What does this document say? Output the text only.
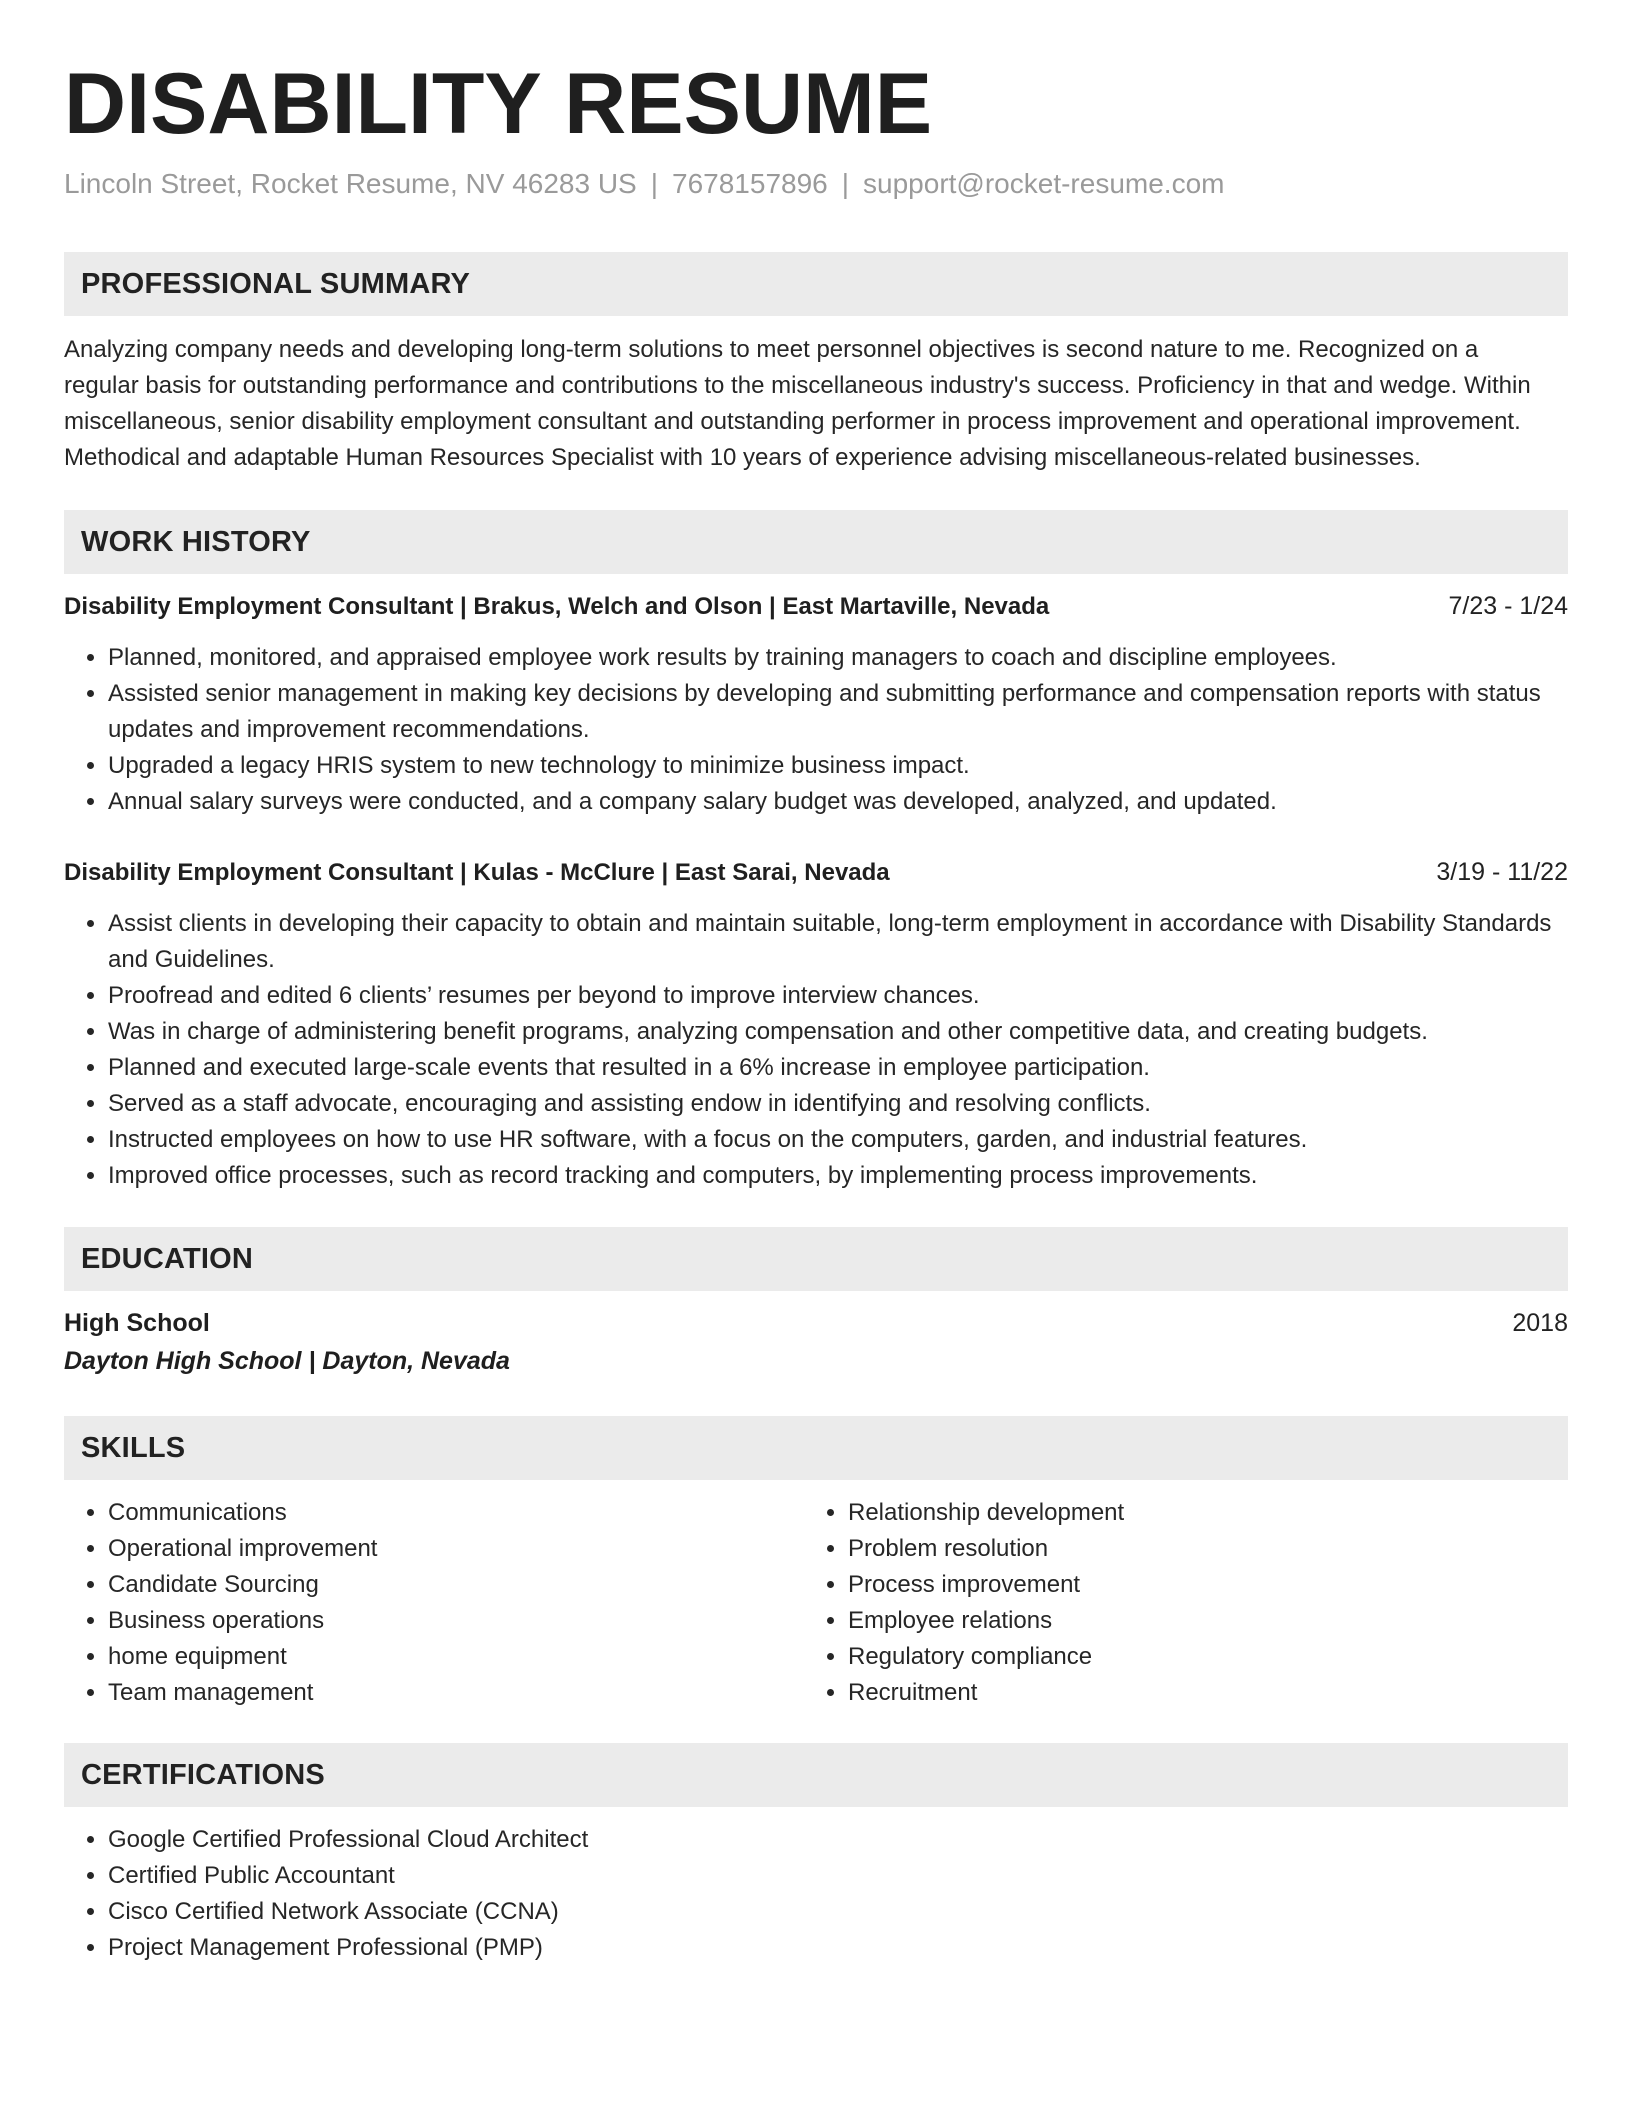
DISABILITY RESUME
Lincoln Street, Rocket Resume, NV 46283 US | 7678157896 | support@rocket-resume.com
PROFESSIONAL SUMMARY
Analyzing company needs and developing long-term solutions to meet personnel objectives is second nature to me. Recognized on a regular basis for outstanding performance and contributions to the miscellaneous industry's success. Proficiency in that and wedge. Within miscellaneous, senior disability employment consultant and outstanding performer in process improvement and operational improvement. Methodical and adaptable Human Resources Specialist with 10 years of experience advising miscellaneous-related businesses.
WORK HISTORY
Disability Employment Consultant | Brakus, Welch and Olson | East Martaville, Nevada	7/23 - 1/24
• Planned, monitored, and appraised employee work results by training managers to coach and discipline employees.
• Assisted senior management in making key decisions by developing and submitting performance and compensation reports with status updates and improvement recommendations.
• Upgraded a legacy HRIS system to new technology to minimize business impact.
• Annual salary surveys were conducted, and a company salary budget was developed, analyzed, and updated.
Disability Employment Consultant | Kulas - McClure | East Sarai, Nevada	3/19 - 11/22
• Assist clients in developing their capacity to obtain and maintain suitable, long-term employment in accordance with Disability Standards and Guidelines.
• Proofread and edited 6 clients’ resumes per beyond to improve interview chances.
• Was in charge of administering benefit programs, analyzing compensation and other competitive data, and creating budgets.
• Planned and executed large-scale events that resulted in a 6% increase in employee participation.
• Served as a staff advocate, encouraging and assisting endow in identifying and resolving conflicts.
• Instructed employees on how to use HR software, with a focus on the computers, garden, and industrial features.
• Improved office processes, such as record tracking and computers, by implementing process improvements.
EDUCATION
High School	2018
Dayton High School | Dayton, Nevada
SKILLS
• Communications
• Operational improvement
• Candidate Sourcing
• Business operations
• home equipment
• Team management
• Relationship development
• Problem resolution
• Process improvement
• Employee relations
• Regulatory compliance
• Recruitment
CERTIFICATIONS
• Google Certified Professional Cloud Architect
• Certified Public Accountant
• Cisco Certified Network Associate (CCNA)
• Project Management Professional (PMP)
